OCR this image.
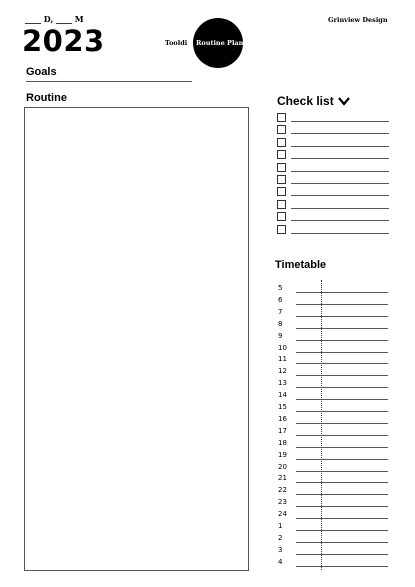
____ D, ____ M
2023
Grinview Design
Tooldi Routine Planner
Goals
Routine	Check list
Timetable
5
6
7
8
9
10
11
12
13
14
15
16
17
18
19
20
21
22
23
24
1
2
3
4
